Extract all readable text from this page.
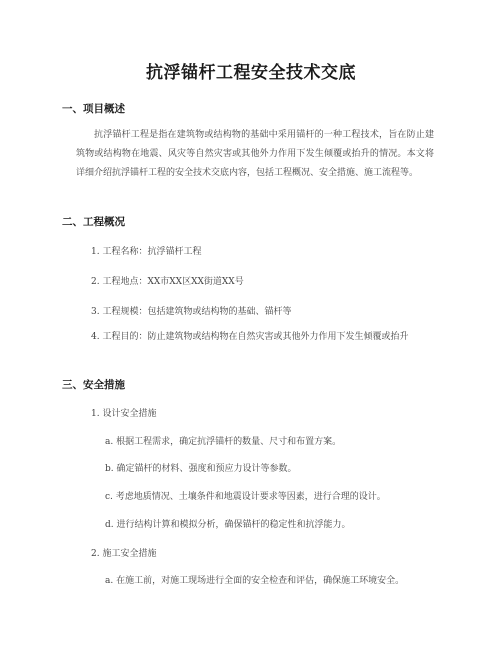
抗浮锚杆工程安全技术交底
一、项目概述
抗浮锚杆工程是指在建筑物或结构物的基础中采用锚杆的一种工程技术，旨在防止建筑物或结构物在地震、风灾等自然灾害或其他外力作用下发生倾覆或抬升的情况。本文将详细介绍抗浮锚杆工程的安全技术交底内容，包括工程概况、安全措施、施工流程等。
二、工程概况
1. 工程名称：抗浮锚杆工程
2. 工程地点：XX市XX区XX街道XX号
3. 工程规模：包括建筑物或结构物的基础、锚杆等
4. 工程目的：防止建筑物或结构物在自然灾害或其他外力作用下发生倾覆或抬升
三、安全措施
1. 设计安全措施
a. 根据工程需求，确定抗浮锚杆的数量、尺寸和布置方案。
b. 确定锚杆的材料、强度和预应力设计等参数。
c. 考虑地质情况、土壤条件和地震设计要求等因素，进行合理的设计。
d. 进行结构计算和模拟分析，确保锚杆的稳定性和抗浮能力。
2. 施工安全措施
a. 在施工前，对施工现场进行全面的安全检查和评估，确保施工环境安全。
